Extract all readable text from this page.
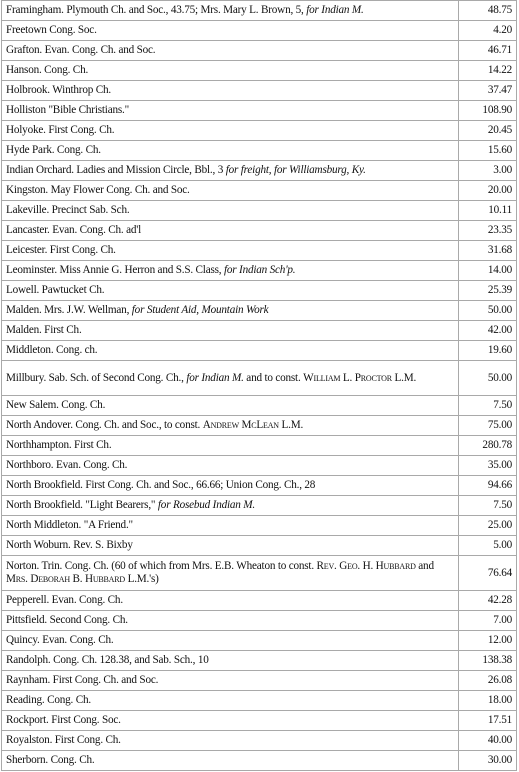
Framingham. Plymouth Ch. and Soc., 43.75; Mrs. Mary L. Brown, 5, for Indian M.	48.75
Freetown Cong. Soc.	4.20
Grafton. Evan. Cong. Ch. and Soc.	46.71
Hanson. Cong. Ch.	14.22
Holbrook. Winthrop Ch.	37.47
Holliston "Bible Christians."	108.90
Holyoke. First Cong. Ch.	20.45
Hyde Park. Cong. Ch.	15.60
Indian Orchard. Ladies and Mission Circle, Bbl., 3 for freight, for Williamsburg, Ky.	3.00
Kingston. May Flower Cong. Ch. and Soc.	20.00
Lakeville. Precinct Sab. Sch.	10.11
Lancaster. Evan. Cong. Ch. ad'l	23.35
Leicester. First Cong. Ch.	31.68
Leominster. Miss Annie G. Herron and S.S. Class, for Indian Sch'p.	14.00
Lowell. Pawtucket Ch.	25.39
Malden. Mrs. J.W. Wellman, for Student Aid, Mountain Work	50.00
Malden. First Ch.	42.00
Middleton. Cong. ch.	19.60
Millbury. Sab. Sch. of Second Cong. Ch., for Indian M. and to const. William L. Proctor L.M.	50.00
New Salem. Cong. Ch.	7.50
North Andover. Cong. Ch. and Soc., to const. Andrew McLean L.M.	75.00
Northhampton. First Ch.	280.78
Northboro. Evan. Cong. Ch.	35.00
North Brookfield. First Cong. Ch. and Soc., 66.66; Union Cong. Ch., 28	94.66
North Brookfield. "Light Bearers," for Rosebud Indian M.	7.50
North Middleton. "A Friend."	25.00
North Woburn. Rev. S. Bixby	5.00
Norton. Trin. Cong. Ch. (60 of which from Mrs. E.B. Wheaton to const. Rev. Geo. H. Hubbard and Mrs. Deborah B. Hubbard L.M.'s)	76.64
Pepperell. Evan. Cong. Ch.	42.28
Pittsfield. Second Cong. Ch.	7.00
Quincy. Evan. Cong. Ch.	12.00
Randolph. Cong. Ch. 128.38, and Sab. Sch., 10	138.38
Raynham. First Cong. Ch. and Soc.	26.08
Reading. Cong. Ch.	18.00
Rockport. First Cong. Soc.	17.51
Royalston. First Cong. Ch.	40.00
Sherborn. Cong. Ch.	30.00
